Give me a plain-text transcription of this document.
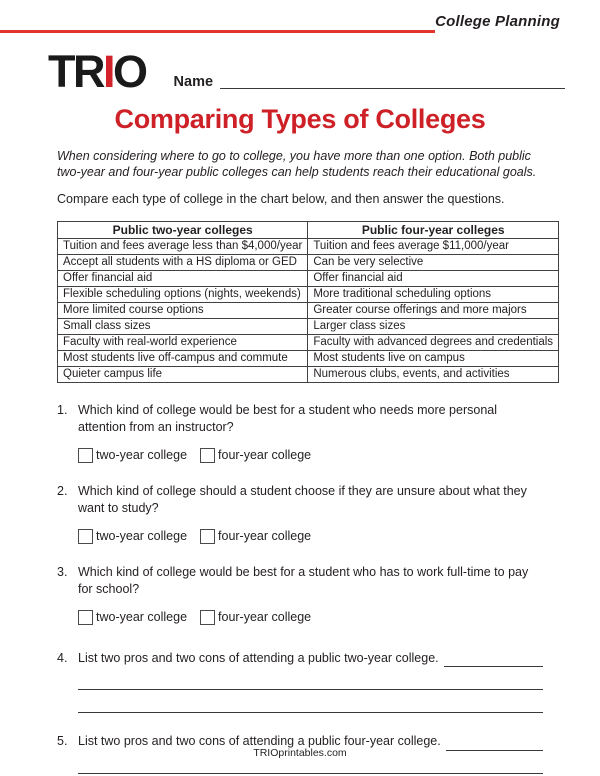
College Planning
TRIO Name
Comparing Types of Colleges

When considering where to go to college, you have more than one option. Both public two-year and four-year public colleges can help students reach their educational goals.

Compare each type of college in the chart below, and then answer the questions.

Public two-year colleges	Public four-year colleges
Tuition and fees average less than $4,000/year	Tuition and fees average $11,000/year
Accept all students with a HS diploma or GED	Can be very selective
Offer financial aid	Offer financial aid
Flexible scheduling options (nights, weekends)	More traditional scheduling options
More limited course options	Greater course offerings and more majors
Small class sizes	Larger class sizes
Faculty with real-world experience	Faculty with advanced degrees and credentials
Most students live off-campus and commute	Most students live on campus
Quieter campus life	Numerous clubs, events, and activities
1. Which kind of college would be best for a student who needs more personal attention from an instructor?
two-year college four-year college
2. Which kind of college should a student choose if they are unsure about what they want to study?
two-year college four-year college
3. Which kind of college would be best for a student who has to work full-time to pay for school?
two-year college four-year college
4. List two pros and two cons of attending a public two-year college.
5. List two pros and two cons of attending a public four-year college.
TRIOprintables.com
